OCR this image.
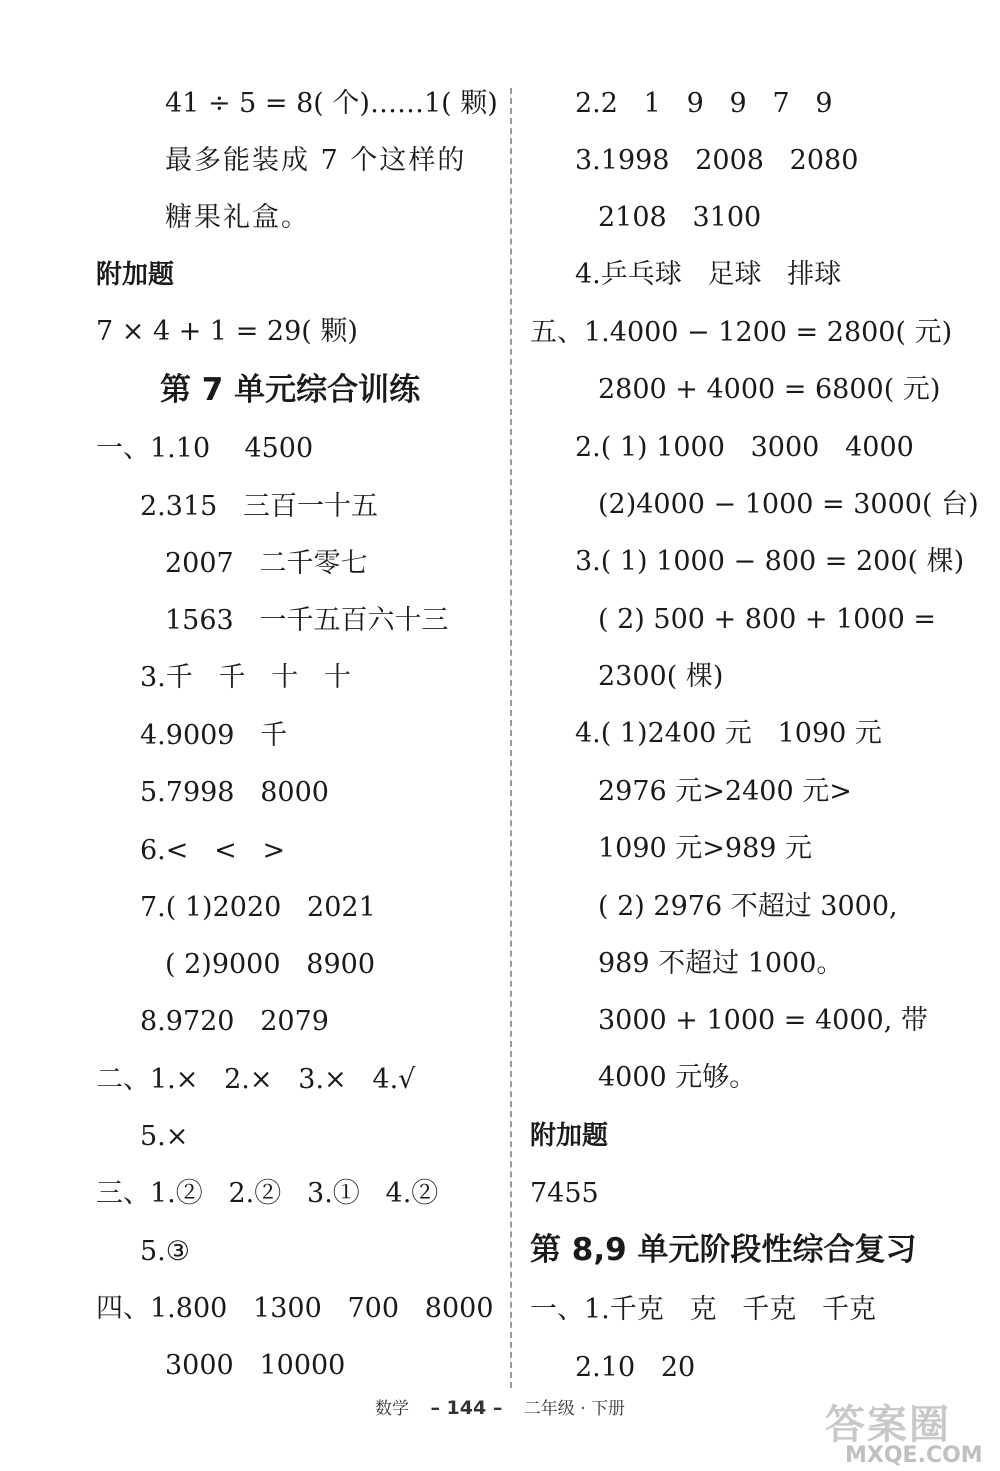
41 ÷ 5 = 8( 个)……1( 颗)
最多能装成 7 个这样的
糖果礼盒。
附加题
7 × 4 + 1 = 29( 颗)
第 7 单元综合训练
一、1.10    4500
2.315   三百一十五
2007   二千零七
1563   一千五百六十三
3.千   千   十   十
4.9009   千
5.7998   8000
6.<   <   >
7.( 1)2020   2021
( 2)9000   8900
8.9720   2079
二、1.×   2.×   3.×   4.√
5.×
三、1.②   2.②   3.①   4.②
5.③
四、1.800   1300   700   8000
3000   10000
2.2   1   9   9   7   9
3.1998   2008   2080
2108   3100
4.乒乓球   足球   排球
五、1.4000 − 1200 = 2800( 元)
2800 + 4000 = 6800( 元)
2.( 1) 1000   3000   4000
(2)4000 − 1000 = 3000( 台)
3.( 1) 1000 − 800 = 200( 棵)
( 2) 500 + 800 + 1000 =
2300( 棵)
4.( 1)2400 元   1090 元
2976 元>2400 元>
1090 元>989 元
( 2) 2976 不超过 3000,
989 不超过 1000。
3000 + 1000 = 4000, 带
4000 元够。
附加题
7455
第 8,9 单元阶段性综合复习
一、1.千克   克   千克   千克
2.10   20
数学 – 144 – 二年级 · 下册	答案圈
MXQE.COM
